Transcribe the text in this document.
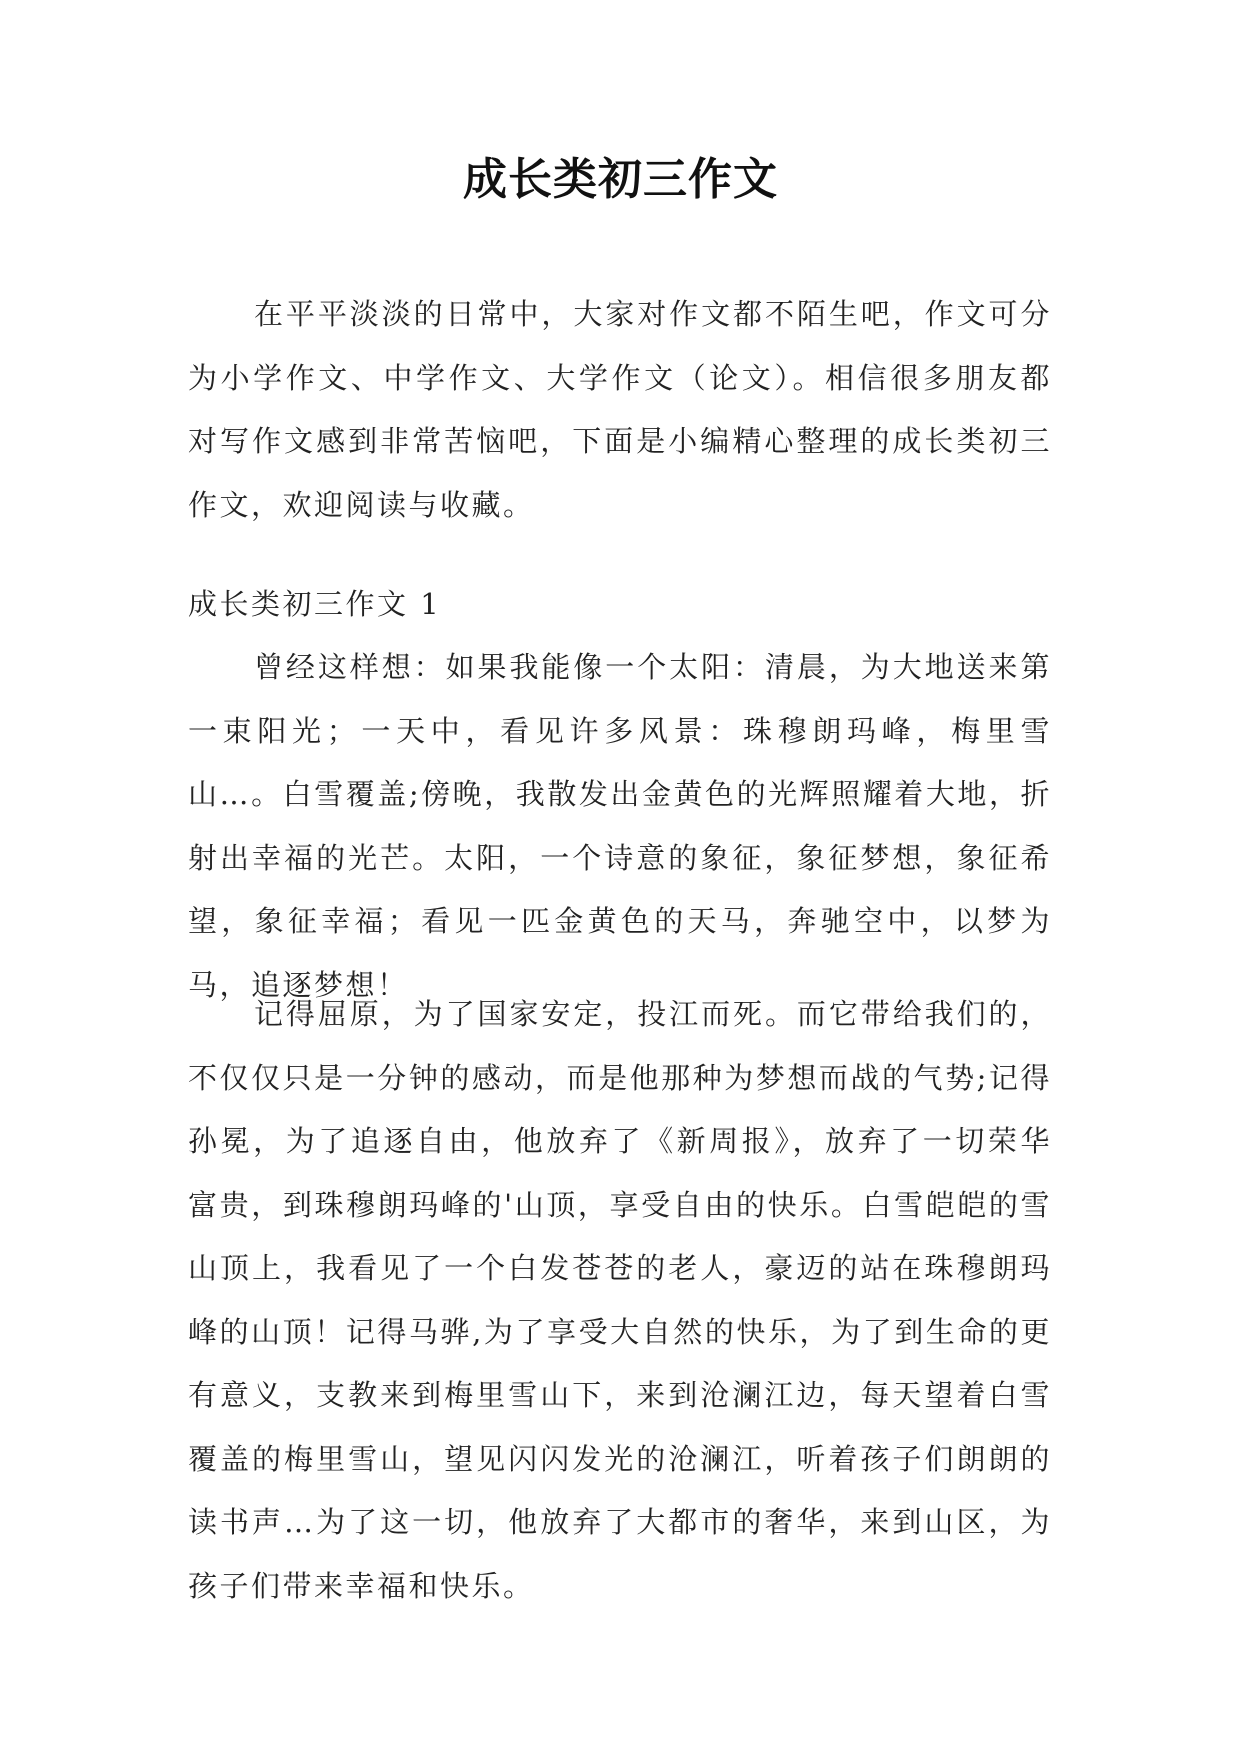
成长类初三作文

在平平淡淡的日常中，大家对作文都不陌生吧，作文可分为小学作文、中学作文、大学作文（论文）。相信很多朋友都对写作文感到非常苦恼吧，下面是小编精心整理的成长类初三作文，欢迎阅读与收藏。

成长类初三作文 1

曾经这样想：如果我能像一个太阳：清晨，为大地送来第一束阳光；一天中，看见许多风景：珠穆朗玛峰，梅里雪山…。白雪覆盖;傍晚，我散发出金黄色的光辉照耀着大地，折射出幸福的光芒。太阳，一个诗意的象征，象征梦想，象征希望，象征幸福；看见一匹金黄色的天马，奔驰空中，以梦为马，追逐梦想！

记得屈原，为了国家安定，投江而死。而它带给我们的，不仅仅只是一分钟的感动，而是他那种为梦想而战的气势;记得孙冕，为了追逐自由，他放弃了《新周报》，放弃了一切荣华富贵，到珠穆朗玛峰的'山顶，享受自由的快乐。白雪皑皑的雪山顶上，我看见了一个白发苍苍的老人，豪迈的站在珠穆朗玛峰的山顶！记得马骅,为了享受大自然的快乐，为了到生命的更有意义，支教来到梅里雪山下，来到沧澜江边，每天望着白雪覆盖的梅里雪山，望见闪闪发光的沧澜江，听着孩子们朗朗的读书声…为了这一切，他放弃了大都市的奢华，来到山区，为孩子们带来幸福和快乐。
